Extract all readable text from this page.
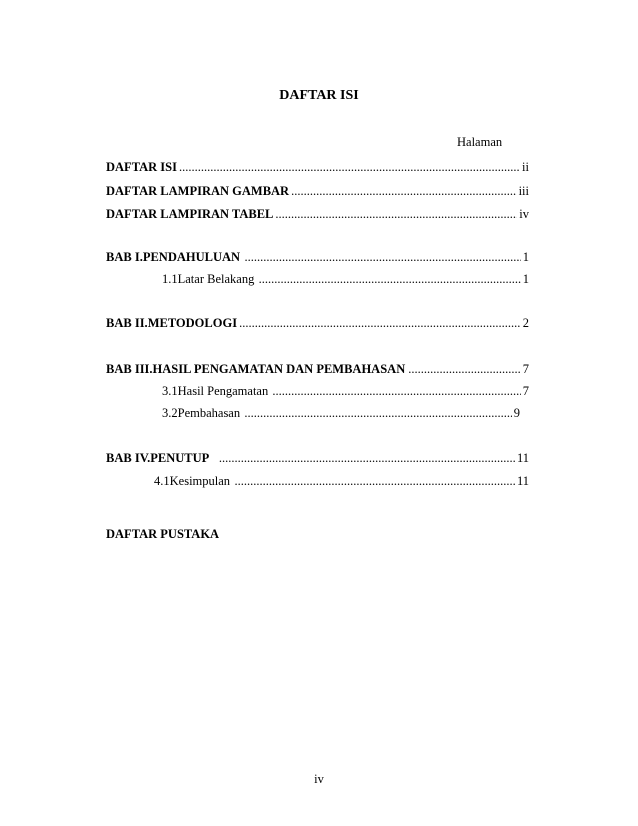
DAFTAR ISI
Halaman
DAFTAR ISI .....	ii
DAFTAR LAMPIRAN GAMBAR .....	iii
DAFTAR LAMPIRAN TABEL .....	iv
BAB I. PENDAHULUAN .....	1
1.1 Latar Belakang .....	1
BAB II. METODOLOGI .....	2
BAB III. HASIL PENGAMATAN DAN PEMBAHASAN .....	7
3.1 Hasil Pengamatan .....	7
3.2 Pembahasan .....	9
BAB IV. PENUTUP .....	11
4.1 Kesimpulan .....	11
DAFTAR PUSTAKA
iv
